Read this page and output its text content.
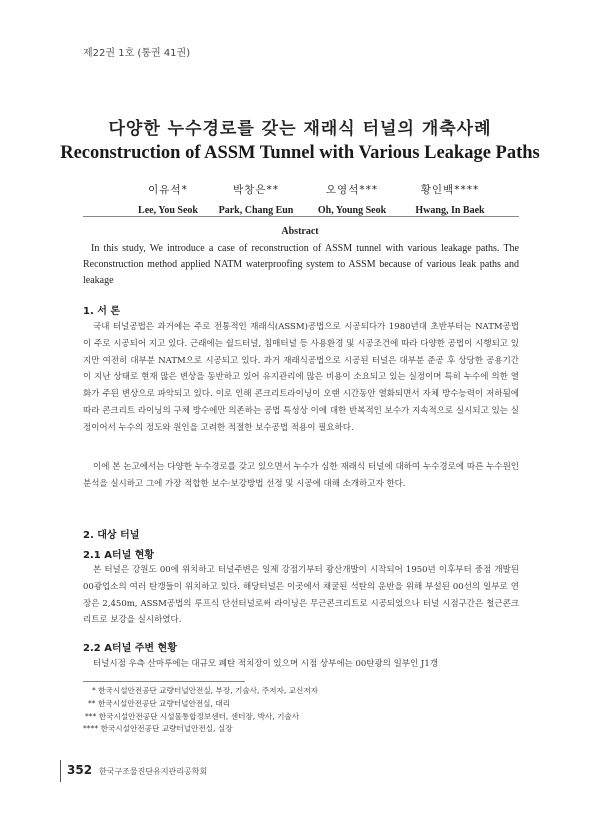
제22권 1호 (통권 41권)
다양한 누수경로를 갖는 재래식 터널의 개축사례
Reconstruction of ASSM Tunnel with Various Leakage Paths
이유석*
Lee, You Seok
박창은**
Park, Chang Eun
오영석***
Oh, Young Seok
황인백****
Hwang, In Baek
Abstract
In this study, We introduce a case of reconstruction of ASSM tunnel with various leakage paths. The Reconstruction method applied NATM waterproofing system to ASSM because of various leak paths and leakage
1. 서 론
국내 터널공법은 과거에는 주로 전통적인 재래식(ASSM)공법으로 시공되다가 1980년대 초반부터는 NATM공법이 주로 시공되어 지고 있다. 근래에는 쉴드터널, 침매터널 등 사용환경 및 시공조건에 따라 다양한 공법이 시행되고 있지만 여전히 대부분 NATM으로 시공되고 있다. 과거 재래식공법으로 시공된 터널은 대부분 준공 후 상당한 공용기간이 지난 상태로 현재 많은 변상을 동반하고 있어 유지관리에 많은 비용이 소요되고 있는 실정이며 특히 누수에 의한 열화가 주된 변상으로 파악되고 있다. 이로 인해 콘크리트라이닝이 오랜 시간동안 열화되면서 자체 방수능력이 저하됨에 따라 콘크리트 라이닝의 구체 방수에만 의존하는 공법 특성상 이에 대한 반복적인 보수가 지속적으로 실시되고 있는 실정이어서 누수의 정도와 원인을 고려한 적절한 보수공법 적용이 필요하다.
이에 본 논고에서는 다양한 누수경로를 갖고 있으면서 누수가 심한 재래식 터널에 대하여 누수경로에 따른 누수원인 분석을 실시하고 그에 가장 적합한 보수·보강방법 선정 및 시공에 대해 소개하고자 한다.
2. 대상 터널
2.1 A터널 현황
본 터널은 강원도 00에 위치하고 터널주변은 일제 강점기부터 광산개발이 시작되어 1950년 이후부터 중점 개발된 00광업소의 여러 탄갱들이 위치하고 있다. 해당터널은 이곳에서 채굴된 석탄의 운반을 위해 부설된 00선의 일부로 연장은 2,450m, ASSM공법의 루프식 단선터널로써 라이닝은 무근콘크리트로 시공되었으나 터널 시점구간은 철근콘크리트로 보강을 실시하였다.
2.2 A터널 주변 현황
터널시점 우측 산마루에는 대규모 폐탄 적치장이 있으며 시점 상부에는 00탄광의 일부인 J1갱
* 한국시설안전공단 교량터널안전실, 부장, 기술사, 주저자, 교신저자
** 한국시설안전공단 교량터널안전실, 대리
*** 한국시설안전공단 시설물통합정보센터, 센터장, 박사, 기술사
**** 한국시설안전공단 교량터널안전실, 실장
352 한국구조물진단유지관리공학회
